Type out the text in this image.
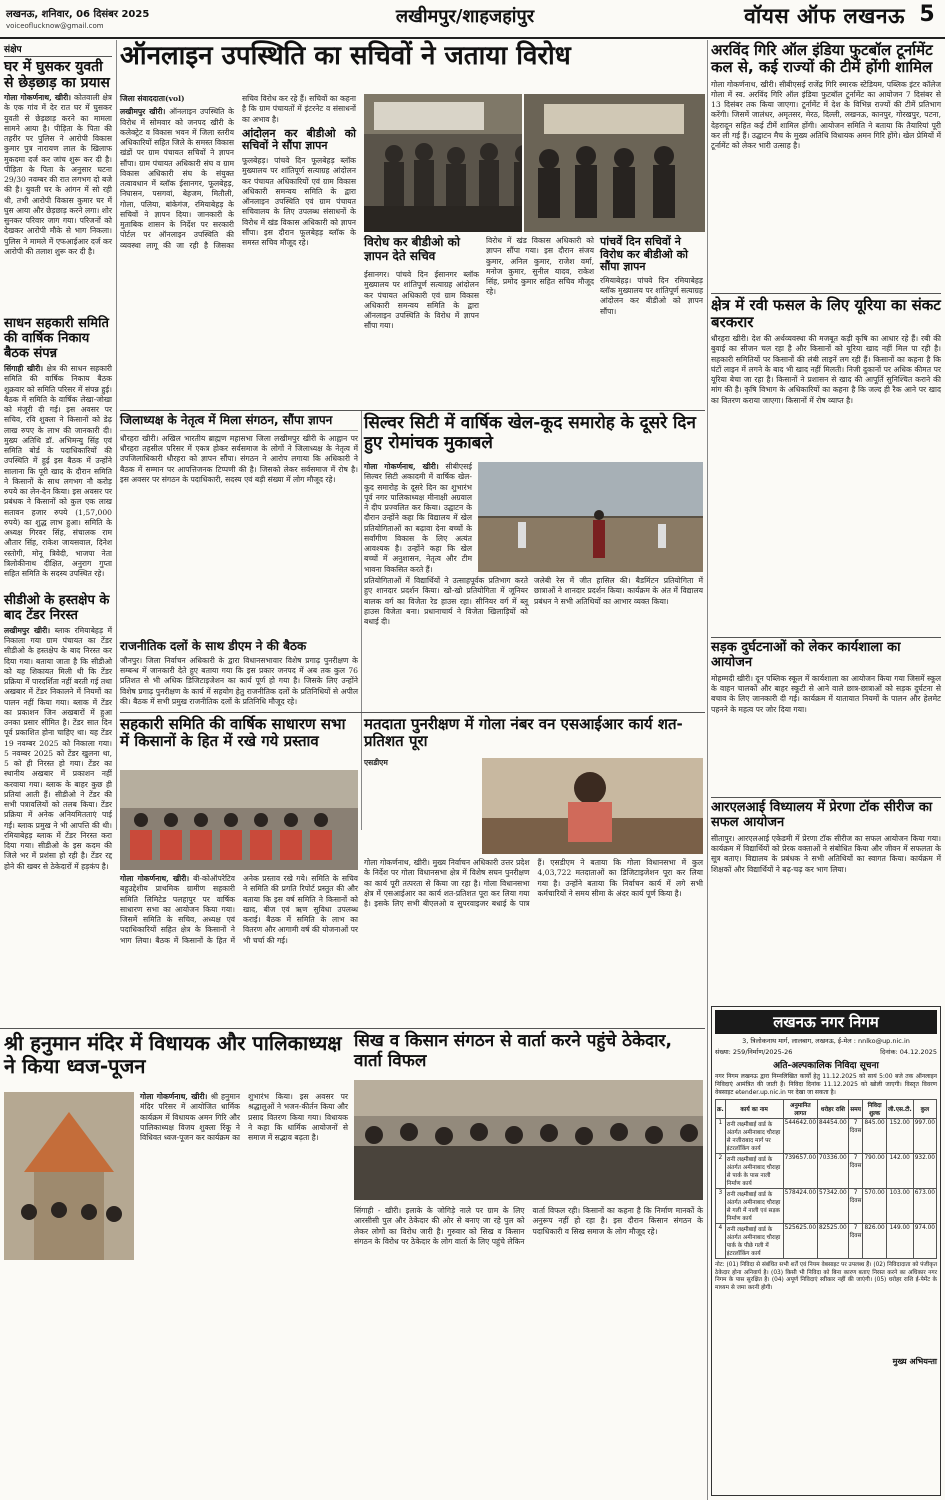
लखनऊ, शनिवार, 06 दिसंबर 2025
voiceoflucknow@gmail.com	लखीमपुर/शाहजहांपुर	वॉयस ऑफ लखनऊ 5
संक्षेप
घर में घुसकर युवती से छेड़छाड़ का प्रयास

गोला गोकर्णनाथ, खीरी। कोतवाली क्षेत्र के एक गांव में देर रात घर में घुसकर युवती से छेड़छाड़ करने का मामला सामने आया है। पीड़िता के पिता की तहरीर पर पुलिस ने आरोपी विकास कुमार पुत्र नारायण लाल के खिलाफ मुकदमा दर्ज कर जांच शुरू कर दी है। पीड़िता के पिता के अनुसार घटना 29/30 नवम्बर की रात लगभग दो बजे की है। युवती घर के आंगन में सो रही थी, तभी आरोपी विकास कुमार घर में घुस आया और छेड़छाड़ करने लगा। शोर सुनकर परिवार जाग गया। परिजनों को देखकर आरोपी मौके से भाग निकला। पुलिस ने मामले में एफआईआर दर्ज कर आरोपी की तलाश शुरू कर दी है।

साधन सहकारी समिति की वार्षिक निकाय बैठक संपन्न

सिंगाही खीरी। क्षेत्र की साधन सहकारी समिति की वार्षिक निकाय बैठक शुक्रवार को समिति परिसर में संपन्न हुई। बैठक में समिति के वार्षिक लेखा-जोखा को मंजूरी दी गई। इस अवसर पर सचिव, रवि शुक्ला ने किसानों को डेढ़ लाख रुपए के लाभ की जानकारी दी। मुख्य अतिथि डॉ. अभिमन्यु सिंह एवं समिति बोर्ड के पदाधिकारियों की उपस्थिति में हुई इस बैठक में उन्होंने सालाना कि पूरी खाद के दौरान समिति ने किसानों के साथ लगभग नौ करोड़ रुपये का लेन-देन किया। इस अवसर पर प्रबंधक ने किसानों को कुल एक लाख सतावन हजार रुपये (1,57,000 रुपये) का शुद्ध लाभ हुआ। समिति के अध्यक्ष गिरवर सिंह, संचालक राम औतार सिंह, राकेश जायसवाल, दिनेश रस्तोगी, मोनू त्रिवेदी, भाजपा नेता त्रिलोकीनाथ दीक्षित, अनुराग गुप्ता सहित समिति के सदस्य उपस्थित रहे।

सीडीओ के हस्तक्षेप के बाद टेंडर निरस्त

लखीमपुर खीरी। ब्लाक रमियाबेहड़ में निकाला गया ग्राम पंचायत का टेंडर सीडीओ के हस्तक्षेप के बाद निरस्त कर दिया गया। बताया जाता है कि सीडीओ को यह शिकायत मिली थी कि टेंडर प्रक्रिया में पारदर्शिता नहीं बरती गई तथा अखबार में टेंडर निकालने में नियमों का पालन नहीं किया गया। ब्लाक में टेंडर का प्रकाशन जिन अखबारों में हुआ उनका प्रसार सीमित है। टेंडर सात दिन पूर्व प्रकाशित होना चाहिए था। यह टेंडर 19 नवम्बर 2025 को निकाला गया। 5 नवम्बर 2025 को टेंडर खुलना था, 5 को ही निरस्त हो गया। टेंडर का स्थानीय अखबार में प्रकाशन नहीं करवाया गया। ब्लाक के बाहर कुछ ही प्रतियां आती हैं। सीडीओ ने टेंडर की सभी पत्रावलियों को तलब किया। टेंडर प्रक्रिया में अनेक अनियमितताएं पाई गईं। ब्लाक प्रमुख ने भी आपत्ति की थी। रमियाबेहड़ ब्लाक में टेंडर निरस्त करा दिया गया। सीडीओ के इस कदम की जिले भर में प्रशंसा हो रही है। टेंडर रद्द होने की खबर से ठेकेदारों में हड़कंप है।

ऑनलाइन उपस्थिति का सचिवों ने जताया विरोध

जिला संवाददाता(vol)

लखीमपुर खीरी। ऑनलाइन उपस्थिति के विरोध में सोमवार को जनपद खीरी के कलेक्ट्रेट व विकास भवन में जिला स्तरीय अधिकारियों सहित जिले के समस्त विकास खंडों पर ग्राम पंचायत सचिवों ने ज्ञापन सौंपा। ग्राम पंचायत अधिकारी संघ व ग्राम विकास अधिकारी संघ के संयुक्त तत्वावधान में ब्लॉक ईसानगर, फूलबेहड़, निघासन, पसगवां, बेहजम, मितौली, गोला, पलिया, बांकेगंज, रमियाबेहड़ के सचिवों ने ज्ञापन दिया। जानकारी के मुताबिक शासन के निर्देश पर सरकारी पोर्टल पर ऑनलाइन उपस्थिति की व्यवस्था लागू की जा रही है जिसका सचिव विरोध कर रहे हैं। सचिवों का कहना है कि ग्राम पंचायतों में इंटरनेट व संसाधनों का अभाव है।

आंदोलन कर बीडीओ को सचिवों ने सौंपा ज्ञापन

फूलबेहड़। पांचवे दिन फूलबेहड़ ब्लॉक मुख्यालय पर शांतिपूर्ण सत्याग्रह आंदोलन कर पंचायत अधिकारियों एवं ग्राम विकास अधिकारी समन्वय समिति के द्वारा ऑनलाइन उपस्थिति एवं ग्राम पंचायत सचिवालय के लिए उपलब्ध संसाधनों के विरोध में खंड विकास अधिकारी को ज्ञापन सौंपा। इस दौरान फूलबेहड़ ब्लॉक के समस्त सचिव मौजूद रहे।	विरोध कर बीडीओ को ज्ञापन देते सचिव

ईसानगर। पांचवे दिन ईसानगर ब्लॉक मुख्यालय पर शांतिपूर्ण सत्याग्रह आंदोलन कर पंचायत अधिकारी एवं ग्राम विकास अधिकारी समन्वय समिति के द्वारा ऑनलाइन उपस्थिति के विरोध में ज्ञापन सौंपा गया।

विरोध में खंड विकास अधिकारी को ज्ञापन सौंपा गया। इस दौरान संजय कुमार, अनिल कुमार, राजेश वर्मा, मनोज कुमार, सुनील यादव, राकेश सिंह, प्रमोद कुमार सहित सचिव मौजूद रहे।

पांचवें दिन सचिवों ने विरोध कर बीडीओ को सौंपा ज्ञापन

रमियाबेहड़। पांचवे दिन रमियाबेहड़ ब्लॉक मुख्यालय पर शांतिपूर्ण सत्याग्रह आंदोलन कर बीडीओ को ज्ञापन सौंपा।

जिलाध्यक्ष के नेतृत्व में मिला संगठन, सौंपा ज्ञापन

धौरहरा खीरी। अखिल भारतीय ब्राह्मण महासभा जिला लखीमपुर खीरी के आह्वान पर धौरहरा तहसील परिसर में एकत्र होकर सर्वसमाज के लोगों ने जिलाध्यक्ष के नेतृत्व में उपजिलाधिकारी धौरहरा को ज्ञापन सौंपा। संगठन ने आरोप लगाया कि अधिकारी ने बैठक में सम्मान पर आपत्तिजनक टिप्पणी की है। जिसको लेकर सर्वसमाज में रोष है। इस अवसर पर संगठन के पदाधिकारी, सदस्य एवं बड़ी संख्या में लोग मौजूद रहे।

राजनीतिक दलों के साथ डीएम ने की बैठक

जौनपुर। जिला निर्वाचन अधिकारी के द्वारा विधानसभावार विशेष प्रगाढ़ पुनरीक्षण के सम्बन्ध में जानकारी देते हुए बताया गया कि इस प्रकार जनपद में अब तक कुल 76 प्रतिशत से भी अधिक डिजिटाइजेशन का कार्य पूर्ण हो गया है। जिसके लिए उन्होंने विशेष प्रगाढ़ पुनरीक्षण के कार्य में सहयोग हेतु राजनीतिक दलों के प्रतिनिधियों से अपील की। बैठक में सभी प्रमुख राजनीतिक दलों के प्रतिनिधि मौजूद रहे।

सिल्वर सिटी में वार्षिक खेल-कूद समारोह के दूसरे दिन हुए रोमांचक मुकाबले

गोला गोकर्णनाथ, खीरी। सीबीएसई सिल्वर सिटी अकादमी में वार्षिक खेल-कूद समारोह के दूसरे दिन का शुभारंभ पूर्व नगर पालिकाध्यक्ष मीनाक्षी अग्रवाल ने दीप प्रज्वलित कर किया। उद्घाटन के दौरान उन्होंने कहा कि विद्यालय में खेल प्रतियोगिताओं का बढ़ावा देना बच्चों के सर्वांगीण विकास के लिए अत्यंत आवश्यक है। उन्होंने कहा कि खेल बच्चों में अनुशासन, नेतृत्व और टीम भावना विकसित करते हैं।

प्रतियोगिताओं में विद्यार्थियों ने उत्साहपूर्वक प्रतिभाग करते हुए शानदार प्रदर्शन किया। खो-खो प्रतियोगिता में जूनियर बालक वर्ग का विजेता रेड हाउस रहा। सीनियर वर्ग में ब्लू हाउस विजेता बना। प्रधानाचार्य ने विजेता खिलाड़ियों को बधाई दी।

जलेबी रेस में जीत हासिल की। बैडमिंटन प्रतियोगिता में छात्राओं ने शानदार प्रदर्शन किया। कार्यक्रम के अंत में विद्यालय प्रबंधन ने सभी अतिथियों का आभार व्यक्त किया।

सहकारी समिति की वार्षिक साधारण सभा में किसानों के हित में रखे गये प्रस्ताव
मतदाता पुनरीक्षण में गोला नंबर वन एसआईआर कार्य शत-प्रतिशत पूरा
एसडीएम

गोला गोकर्णनाथ, खीरी। मुख्य निर्वाचन अधिकारी उत्तर प्रदेश के निर्देश पर गोला विधानसभा क्षेत्र में विशेष सघन पुनरीक्षण का कार्य पूरी तत्परता से किया जा रहा है। गोला विधानसभा क्षेत्र में एसआईआर का कार्य शत-प्रतिशत पूरा कर लिया गया है। इसके लिए सभी बीएलओ व सुपरवाइजर बधाई के पात्र हैं। एसडीएम ने बताया कि गोला विधानसभा में कुल 4,03,722 मतदाताओं का डिजिटाइजेशन पूरा कर लिया गया है। उन्होंने बताया कि निर्वाचन कार्य में लगे सभी कर्मचारियों ने समय सीमा के अंदर कार्य पूर्ण किया है।

गोला गोकर्णनाथ, खीरी। बी-कोऑपरेटिव बहुउद्देशीय प्राथमिक ग्रामीण सहकारी समिति लिमिटेड पलहापुर पर वार्षिक साधारण सभा का आयोजन किया गया। जिसमें समिति के सचिव, अध्यक्ष एवं पदाधिकारियों सहित क्षेत्र के किसानों ने भाग लिया। बैठक में किसानों के हित में अनेक प्रस्ताव रखे गये। समिति के सचिव ने समिति की प्रगति रिपोर्ट प्रस्तुत की और बताया कि इस वर्ष समिति ने किसानों को खाद, बीज एवं ऋण सुविधा उपलब्ध कराई। बैठक में समिति के लाभ का वितरण और आगामी वर्ष की योजनाओं पर भी चर्चा की गई।

श्री हनुमान मंदिर में विधायक और पालिकाध्यक्ष ने किया ध्वज-पूजन

गोला गोकर्णनाथ, खीरी। श्री हनुमान मंदिर परिसर में आयोजित धार्मिक कार्यक्रम में विधायक अमन गिरि और पालिकाध्यक्ष विजय शुक्ला रिंकू ने विधिवत ध्वज-पूजन कर कार्यक्रम का शुभारंभ किया। इस अवसर पर श्रद्धालुओं ने भजन-कीर्तन किया और प्रसाद वितरण किया गया। विधायक ने कहा कि धार्मिक आयोजनों से समाज में सद्भाव बढ़ता है।

सिख व किसान संगठन से वार्ता करने पहुंचे ठेकेदार, वार्ता विफल

सिंगाही - खीरी। इलाके के जोगिडे़ नाले पर ग्राम के लिए आरसीसी पुल और ठेकेदार की ओर से बनाए जा रहे पुल को लेकर लोगों का विरोध जारी है। गुरुवार को सिख व किसान संगठन के विरोध पर ठेकेदार के लोग वार्ता के लिए पहुंचे लेकिन वार्ता विफल रही। किसानों का कहना है कि निर्माण मानकों के अनुरूप नहीं हो रहा है। इस दौरान किसान संगठन के पदाधिकारी व सिख समाज के लोग मौजूद रहे।

अरविंद गिरि ऑल इंडिया फुटबॉल टूर्नामेंट कल से, कई राज्यों की टीमें होंगी शामिल

गोला गोकर्णनाथ, खीरी। सीबीएसई राजेंद्र गिरि स्मारक स्टेडियम, पब्लिक इंटर कॉलेज गोला में स्व. अरविंद गिरि ऑल इंडिया फुटबॉल टूर्नामेंट का आयोजन 7 दिसंबर से 13 दिसंबर तक किया जाएगा। टूर्नामेंट में देश के विभिन्न राज्यों की टीमें प्रतिभाग करेंगी। जिसमें जालंधर, अमृतसर, मेरठ, दिल्ली, लखनऊ, कानपुर, गोरखपुर, पटना, देहरादून सहित कई टीमें शामिल होंगी। आयोजन समिति ने बताया कि तैयारियां पूरी कर ली गई हैं। उद्घाटन मैच के मुख्य अतिथि विधायक अमन गिरि होंगे। खेल प्रेमियों में टूर्नामेंट को लेकर भारी उत्साह है।

क्षेत्र में रवी फसल के लिए यूरिया का संकट बरकरार

धौरहरा खीरी। देश की अर्थव्यवस्था की मजबूत कड़ी कृषि का आधार रहे हैं। रबी की बुवाई का सीजन चल रहा है और किसानों को यूरिया खाद नहीं मिल पा रही है। सहकारी समितियों पर किसानों की लंबी लाइनें लग रही हैं। किसानों का कहना है कि घंटों लाइन में लगने के बाद भी खाद नहीं मिलती। निजी दुकानों पर अधिक कीमत पर यूरिया बेचा जा रहा है। किसानों ने प्रशासन से खाद की आपूर्ति सुनिश्चित कराने की मांग की है। कृषि विभाग के अधिकारियों का कहना है कि जल्द ही रैक आने पर खाद का वितरण कराया जाएगा। किसानों में रोष व्याप्त है।

सड़क दुर्घटनाओं को लेकर कार्यशाला का आयोजन

मोहम्मदी खीरी। दून पब्लिक स्कूल में कार्यशाला का आयोजन किया गया जिसमें स्कूल के वाहन चालकों और बाहर स्कूटी से आने वाले छात्र-छात्राओं को सड़क दुर्घटना से बचाव के लिए जानकारी दी गई। कार्यक्रम में यातायात नियमों के पालन और हेलमेट पहनने के महत्व पर जोर दिया गया।

आरएलआई विध्यालय में प्रेरणा टॉक सीरीज का सफल आयोजन

सीतापुर। आरएलआई एकेडमी में प्रेरणा टॉक सीरीज का सफल आयोजन किया गया। कार्यक्रम में विद्यार्थियों को प्रेरक वक्ताओं ने संबोधित किया और जीवन में सफलता के सूत्र बताए। विद्यालय के प्रबंधक ने सभी अतिथियों का स्वागत किया। कार्यक्रम में शिक्षकों और विद्यार्थियों ने बढ़-चढ़ कर भाग लिया।

लखनऊ नगर निगम
3, त्रिलोकनाथ मार्ग, लालबाग, लखनऊ, ई-मेल : nnlko@up.nic.in
संख्या: 259/निर्माण/2025-26	दिनांक: 04.12.2025
अति-अल्पकालिक निविदा सूचना
नगर निगम लखनऊ द्वारा निम्नलिखित कार्यों हेतु 11.12.2025 को सायं 5:00 बजे तक ऑनलाइन निविदाएं आमंत्रित की जाती हैं। निविदा दिनांक 11.12.2025 को खोली जाएगी। विस्तृत विवरण वेबसाइट etender.up.nic.in पर देखा जा सकता है।
क्र.	कार्य का नाम	अनुमानित लागत	धरोहर राशि	समय	निविदा शुल्क	जी.एस.टी.	कुल
1	रानी लक्ष्मीबाई वार्ड के अंतर्गत अमीनाबाद चौराहा से नजीराबाद मार्ग पर इंटरलॉकिंग कार्य	544642.00	84454.00	7 दिवस	845.00	152.00	997.00
2	रानी लक्ष्मीबाई वार्ड के अंतर्गत अमीनाबाद चौराहा से पार्क के पास नाली निर्माण कार्य	739657.00	70336.00	7 दिवस	790.00	142.00	932.00
3	रानी लक्ष्मीबाई वार्ड के अंतर्गत अमीनाबाद चौराहा से गली में नाली एवं सड़क निर्माण कार्य	578424.00	57342.00	7 दिवस	570.00	103.00	673.00
4	रानी लक्ष्मीबाई वार्ड के अंतर्गत अमीनाबाद चौराहा पार्क के पीछे गली में इंटरलॉकिंग कार्य	525625.00	82525.00	7 दिवस	826.00	149.00	974.00
नोट: (01) निविदा से संबंधित सभी शर्तें एवं नियम वेबसाइट पर उपलब्ध हैं। (02) निविदादाता को पंजीकृत ठेकेदार होना अनिवार्य है। (03) किसी भी निविदा को बिना कारण बताए निरस्त करने का अधिकार नगर निगम के पास सुरक्षित है। (04) अपूर्ण निविदाएं स्वीकार नहीं की जाएंगी। (05) धरोहर राशि ई-पेमेंट के माध्यम से जमा करनी होगी।
मुख्य अभियन्ता
